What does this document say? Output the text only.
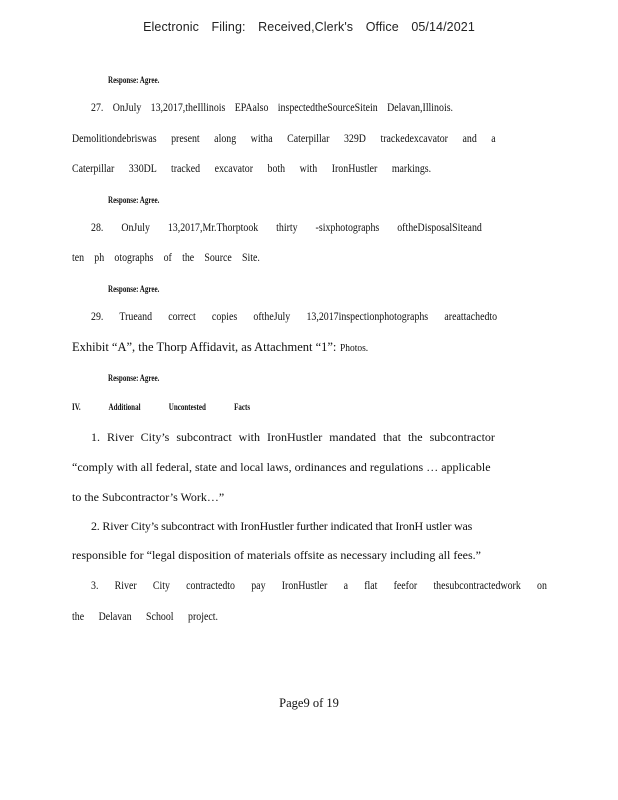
Electronic Filing: Received,Clerk's Office 05/14/2021
Response: Agree.
27. OnJuly 13,2017,theIllinois EPAalso inspectedtheSourceSitein Delavan,Illinois.
Demolitiondebriswas present along witha Caterpillar 329D trackedexcavator and a
Caterpillar 330DL tracked excavator both with IronHustler markings.
Response: Agree.
28. OnJuly 13,2017,Mr.Thorptook thirty -sixphotographs oftheDisposalSiteand
ten ph otographs of the Source Site.
Response: Agree.
29. Trueand correct copies oftheJuly 13,2017inspectionphotographs areattachedto
Exhibit “A”, the Thorp Affidavit, as Attachment “1”: Photos.
Response: Agree.
IV. Additional Uncontested Facts
1. River City’s subcontract with IronHustler mandated that the subcontractor
“comply with all federal, state and local laws, ordinances and regulations … applicable
to the Subcontractor’s Work…”
2. River City’s subcontract with IronHustler further indicated that IronH ustler was
responsible for “legal disposition of materials offsite as necessary including all fees.”
3. River City contractedto pay IronHustler a flat feefor thesubcontractedwork on
the Delavan School project.
Page9 of 19
